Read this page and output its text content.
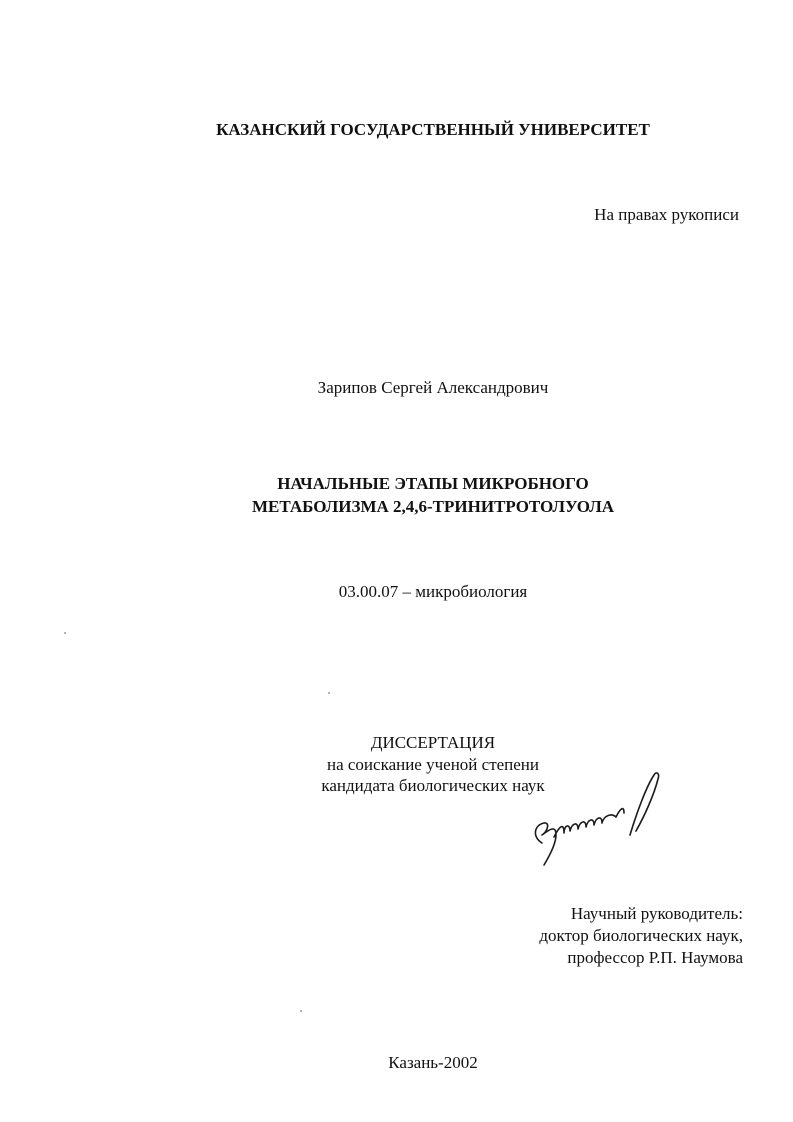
КАЗАНСКИЙ ГОСУДАРСТВЕННЫЙ УНИВЕРСИТЕТ
На правах рукописи
Зарипов Сергей Александрович
НАЧАЛЬНЫЕ ЭТАПЫ МИКРОБНОГО
МЕТАБОЛИЗМА 2,4,6-ТРИНИТРОТОЛУОЛА
03.00.07 – микробиология
ДИССЕРТАЦИЯ
на соискание ученой степени
кандидата биологических наук
Научный руководитель:
доктор биологических наук,
профессор Р.П. Наумова
Казань-2002
